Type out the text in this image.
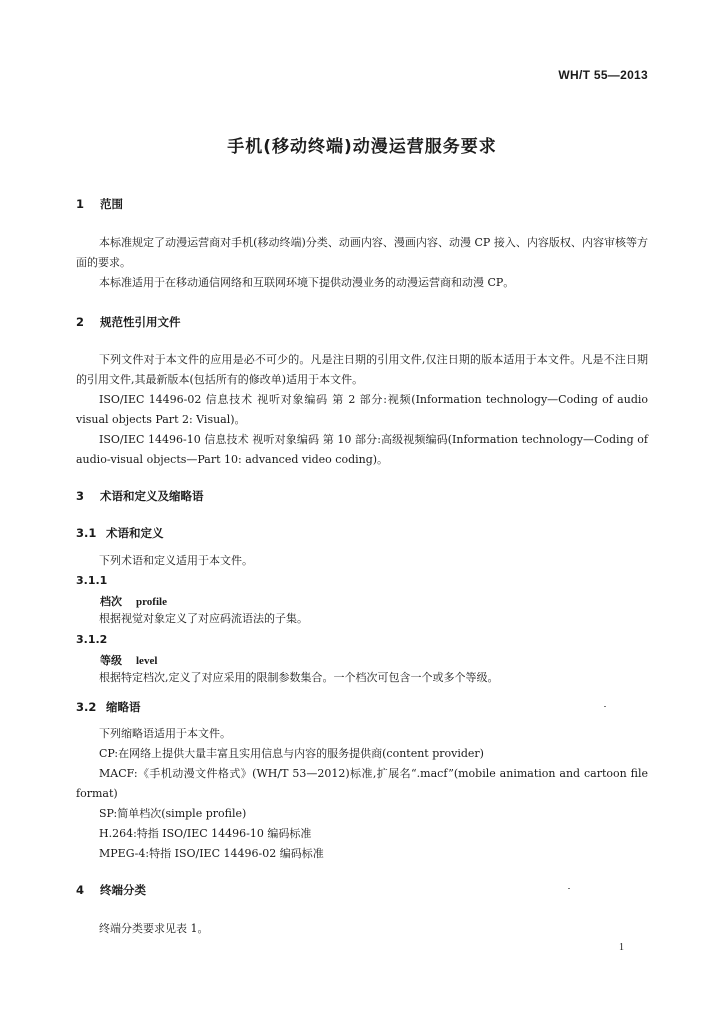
WH/T 55—2013
手机(移动终端)动漫运营服务要求
1 范围
本标准规定了动漫运营商对手机(移动终端)分类、动画内容、漫画内容、动漫 CP 接入、内容版权、内容审核等方面的要求。
本标准适用于在移动通信网络和互联网环境下提供动漫业务的动漫运营商和动漫 CP。
2 规范性引用文件
下列文件对于本文件的应用是必不可少的。凡是注日期的引用文件,仅注日期的版本适用于本文件。凡是不注日期的引用文件,其最新版本(包括所有的修改单)适用于本文件。
ISO/IEC 14496-02 信息技术 视听对象编码 第 2 部分:视频(Information technology—Coding of audio visual objects Part 2: Visual)。
ISO/IEC 14496-10 信息技术 视听对象编码 第 10 部分:高级视频编码(Information technology—Coding of audio-visual objects—Part 10: advanced video coding)。
3 术语和定义及缩略语
3.1 术语和定义
下列术语和定义适用于本文件。
3.1.1
档次 profile
根据视觉对象定义了对应码流语法的子集。
3.1.2
等级 level
根据特定档次,定义了对应采用的限制参数集合。一个档次可包含一个或多个等级。
3.2 缩略语
下列缩略语适用于本文件。
CP:在网络上提供大量丰富且实用信息与内容的服务提供商(content provider)
MACF:《手机动漫文件格式》(WH/T 53—2012)标准,扩展名“.macf”(mobile animation and cartoon file format)
SP:简单档次(simple profile)
H.264:特指 ISO/IEC 14496-10 编码标准
MPEG-4:特指 ISO/IEC 14496-02 编码标准
4 终端分类
终端分类要求见表 1。
1
